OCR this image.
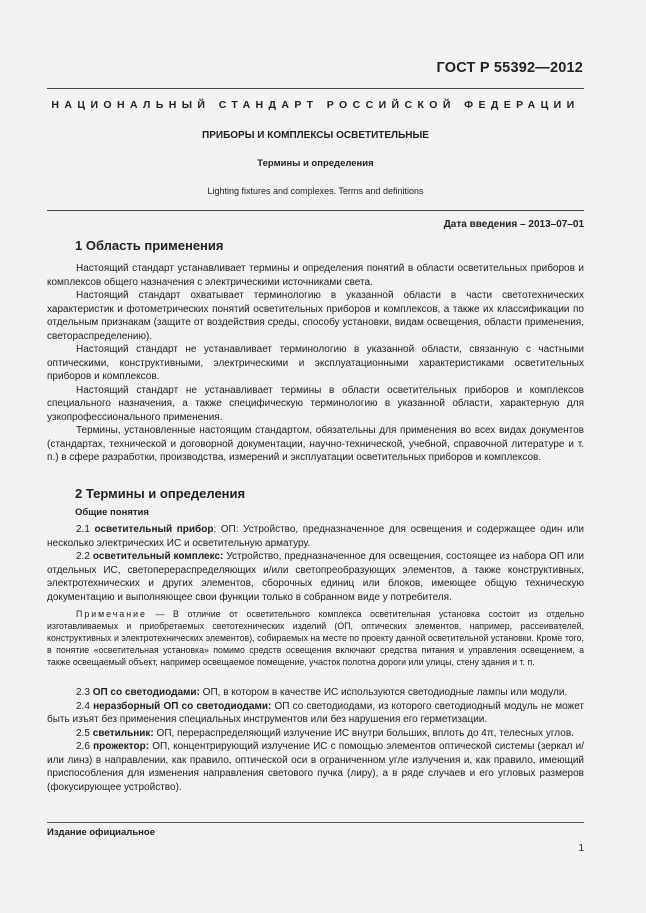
ГОСТ Р 55392—2012
НАЦИОНАЛЬНЫЙ СТАНДАРТ РОССИЙСКОЙ ФЕДЕРАЦИИ
ПРИБОРЫ И КОМПЛЕКСЫ ОСВЕТИТЕЛЬНЫЕ
Термины и определения
Lighting fixtures and complexes. Terms and definitions
Дата введения – 2013–07–01
1 Область применения

Настоящий стандарт устанавливает термины и определения понятий в области осветительных приборов и комплексов общего назначения с электрическими источниками света.

Настоящий стандарт охватывает терминологию в указанной области в части светотехнических характеристик и фотометрических понятий осветительных приборов и комплексов, а также их классификации по отдельным признакам (защите от воздействия среды, способу установки, видам освещения, области применения, светораспределению).

Настоящий стандарт не устанавливает терминологию в указанной области, связанную с частными оптическими, конструктивными, электрическими и эксплуатационными характеристиками осветительных приборов и комплексов.

Настоящий стандарт не устанавливает термины в области осветительных приборов и комплексов специального назначения, а также специфическую терминологию в указанной области, характерную для узкопрофессионального применения.

Термины, установленные настоящим стандартом, обязательны для применения во всех видах документов (стандартах, технической и договорной документации, научно-технической, учебной, справочной литературе и т. п.) в сфере разработки, производства, измерений и эксплуатации осветительных приборов и комплексов.

2 Термины и определения
Общие понятия

2.1 осветительный прибор: ОП: Устройство, предназначенное для освещения и содержащее один или несколько электрических ИС и осветительную арматуру.

2.2 осветительный комплекс: Устройство, предназначенное для освещения, состоящее из набора ОП или отдельных ИС, светоперераспределяющих и/или светопреобразующих элементов, а также конструктивных, электротехнических и других элементов, сборочных единиц или блоков, имеющее общую техническую документацию и выполняющее свои функции только в собранном виде у потребителя.

Примечание — В отличие от осветительного комплекса осветительная установка состоит из отдельно изготавливаемых и приобретаемых светотехнических изделий (ОП, оптических элементов, например, рассеивателей, конструктивных и электротехнических элементов), собираемых на месте по проекту данной осветительной установки. Кроме того, в понятие «осветительная установка» помимо средств освещения включают средства питания и управления освещением, а также освещаемый объект, например освещаемое помещение, участок полотна дороги или улицы, стену здания и т. п.

2.3 ОП со светодиодами: ОП, в котором в качестве ИС используются светодиодные лампы или модули.

2.4 неразборный ОП со светодиодами: ОП со светодиодами, из которого светодиодный модуль не может быть изъят без применения специальных инструментов или без нарушения его герметизации.

2.5 светильник: ОП, перераспределяющий излучение ИС внутри больших, вплоть до 4π, телесных углов.

2.6 прожектор: ОП, концентрирующий излучение ИС с помощью элементов оптической системы (зеркал и/или линз) в направлении, как правило, оптической оси в ограниченном угле излучения и, как правило, имеющий приспособления для изменения направления светового пучка (лиру), а в ряде случаев и его угловых размеров (фокусирующее устройство).

Издание официальное
1
